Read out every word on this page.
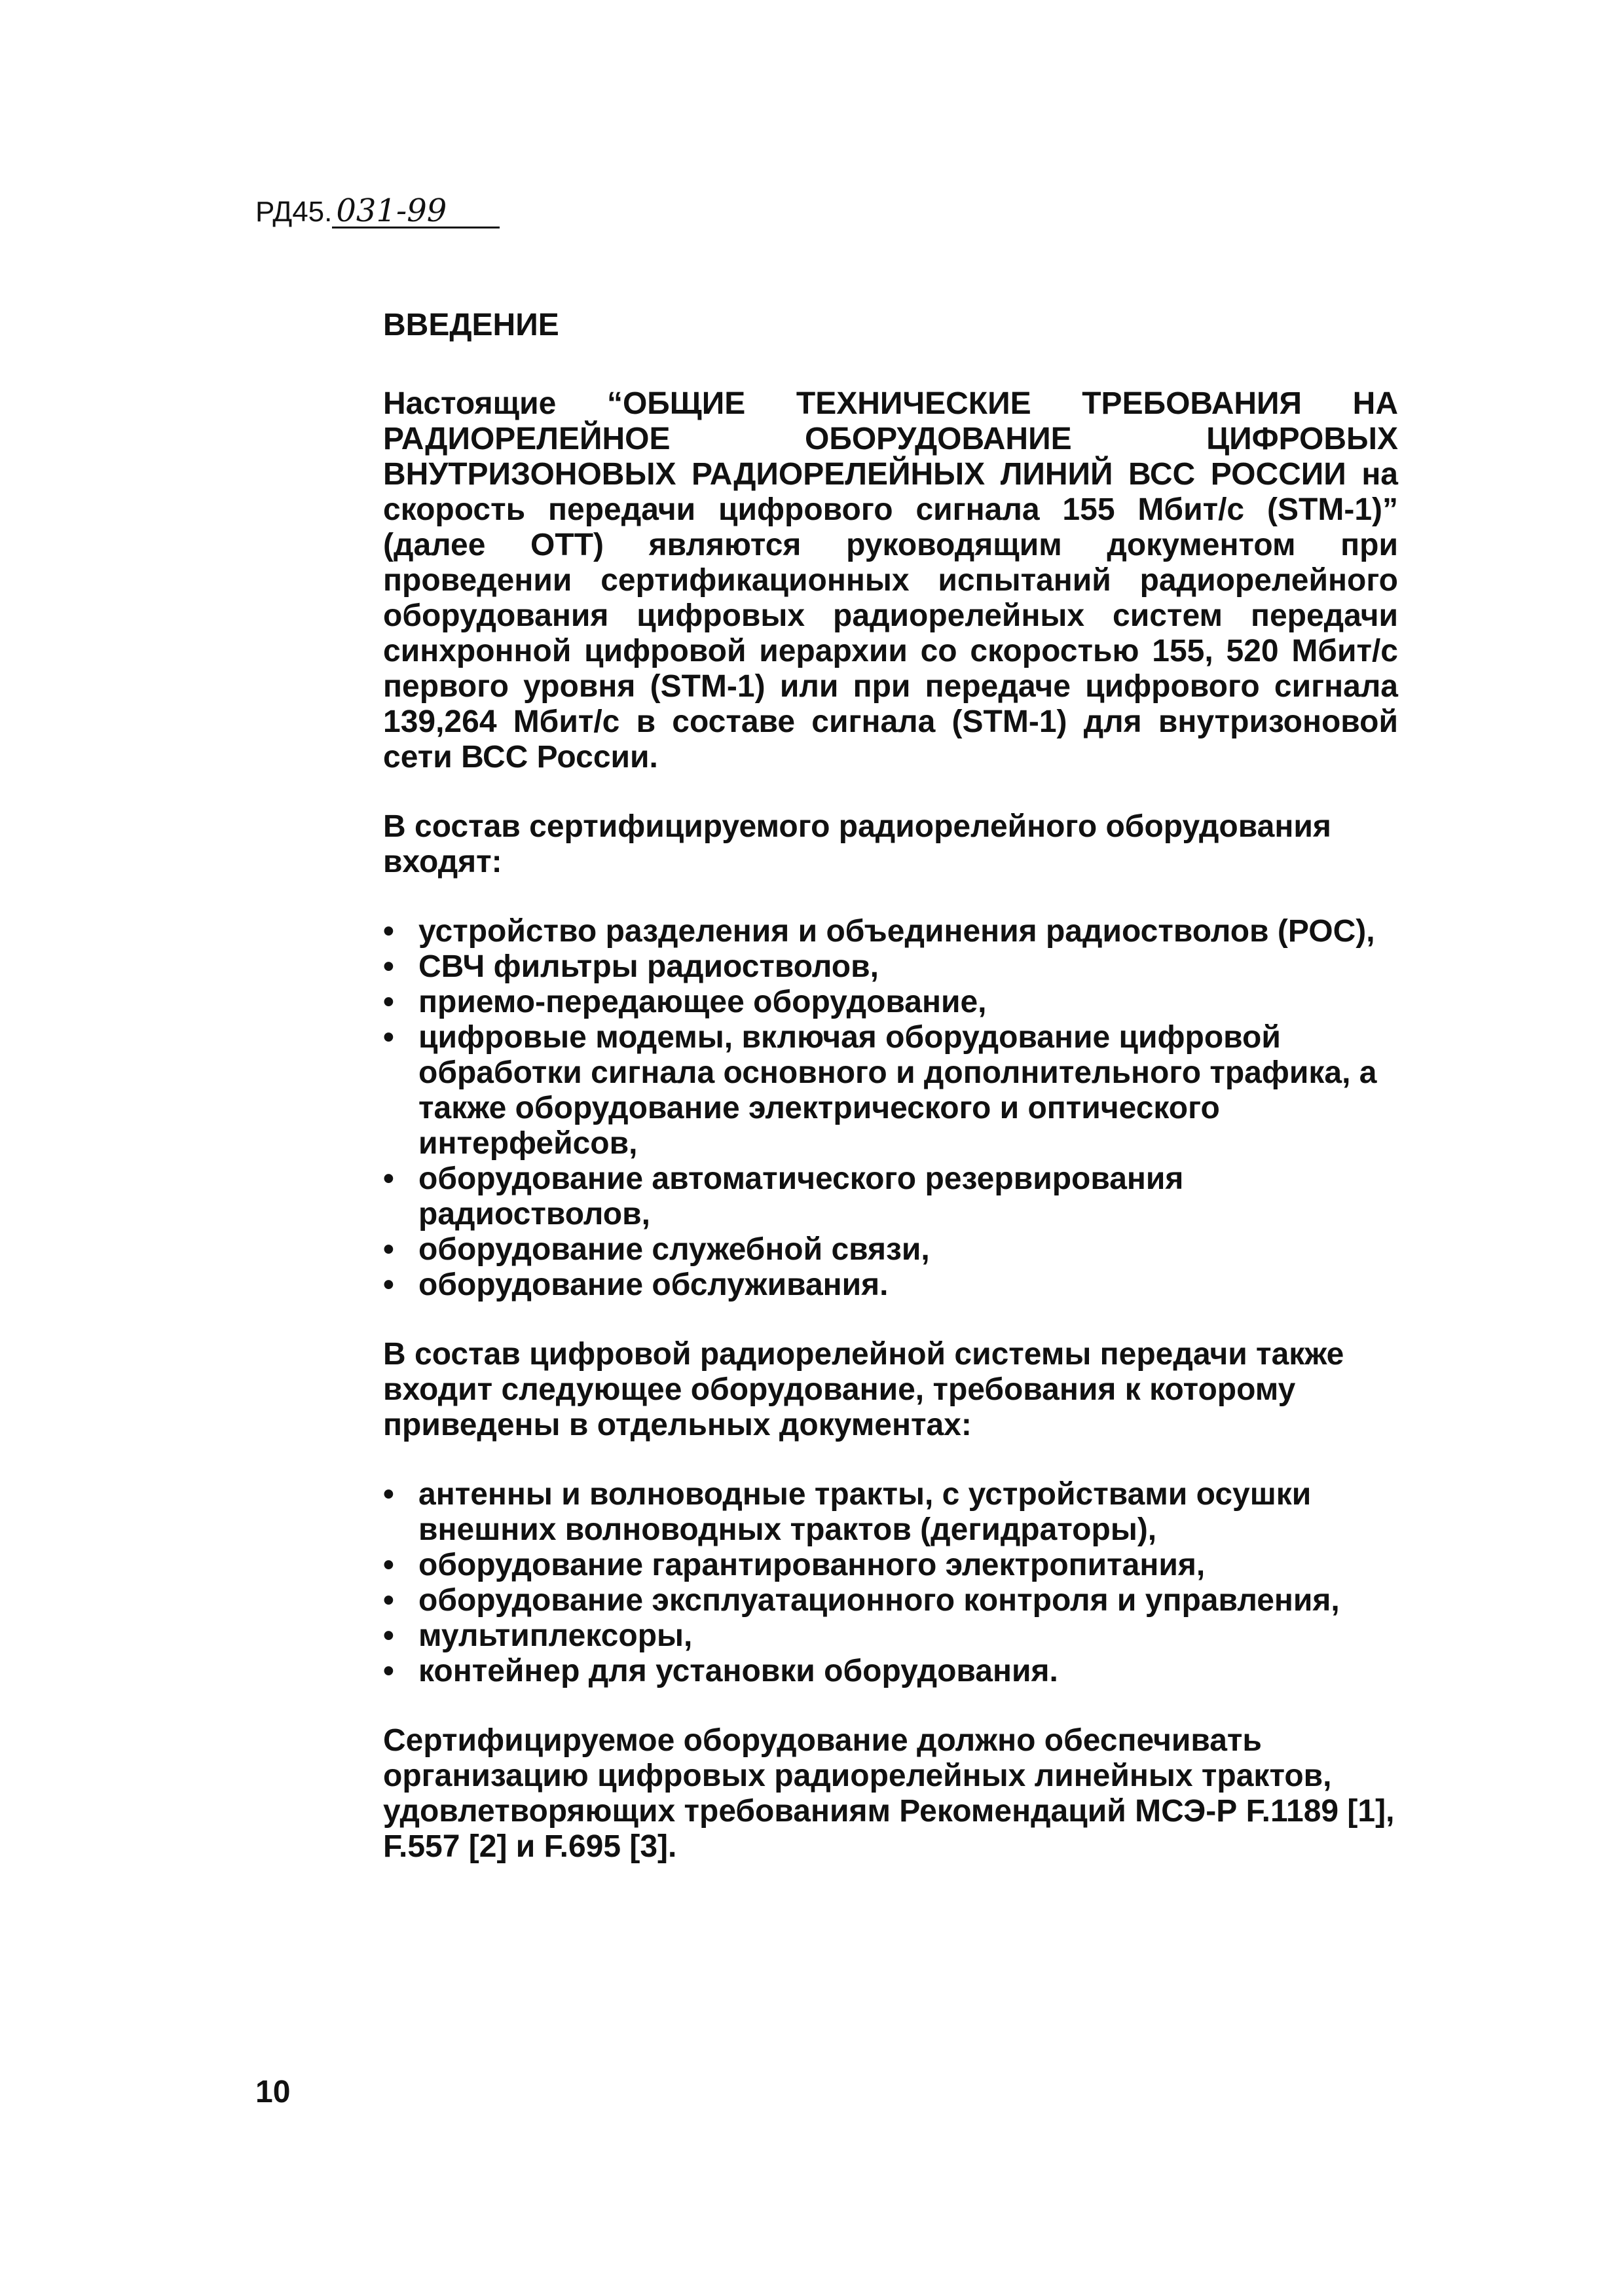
РД45. 031-99
ВВЕДЕНИЕ

Настоящие “ОБЩИЕ ТЕХНИЧЕСКИЕ ТРЕБОВАНИЯ НА РАДИОРЕЛЕЙНОЕ ОБОРУДОВАНИЕ ЦИФРОВЫХ ВНУТРИЗОНОВЫХ РАДИОРЕЛЕЙНЫХ ЛИНИЙ ВСС РОССИИ на скорость передачи цифрового сигнала 155 Мбит/с (STM-1)” (далее ОТТ) являются руководящим документом при проведении сертификационных испытаний радиорелейного оборудования цифровых радиорелейных систем передачи синхронной цифровой иерархии со скоростью 155, 520 Мбит/с первого уровня (STM-1) или при передаче цифрового сигнала 139,264 Мбит/с в составе сигнала (STM-1) для внутризоновой сети ВСС России.

В состав сертифицируемого радиорелейного оборудования входят:

• устройство разделения и объединения радиостволов (РОС),
• СВЧ фильтры радиостволов,
• приемо-передающее оборудование,
• цифровые модемы, включая оборудование цифровой обработки сигнала основного и дополнительного трафика, а также оборудование электрического и оптического интерфейсов,
• оборудование автоматического резервирования радиостволов,
• оборудование служебной связи,
• оборудование обслуживания.

В состав цифровой радиорелейной системы передачи также входит следующее оборудование, требования к которому приведены в отдельных документах:

• антенны и волноводные тракты, с устройствами осушки внешних волноводных трактов (дегидраторы),
• оборудование гарантированного электропитания,
• оборудование эксплуатационного контроля и управления,
• мультиплексоры,
• контейнер для установки оборудования.

Сертифицируемое оборудование должно обеспечивать организацию цифровых радиорелейных линейных трактов, удовлетворяющих требованиям Рекомендаций МСЭ-Р F.1189 [1], F.557 [2] и F.695 [3].

10
